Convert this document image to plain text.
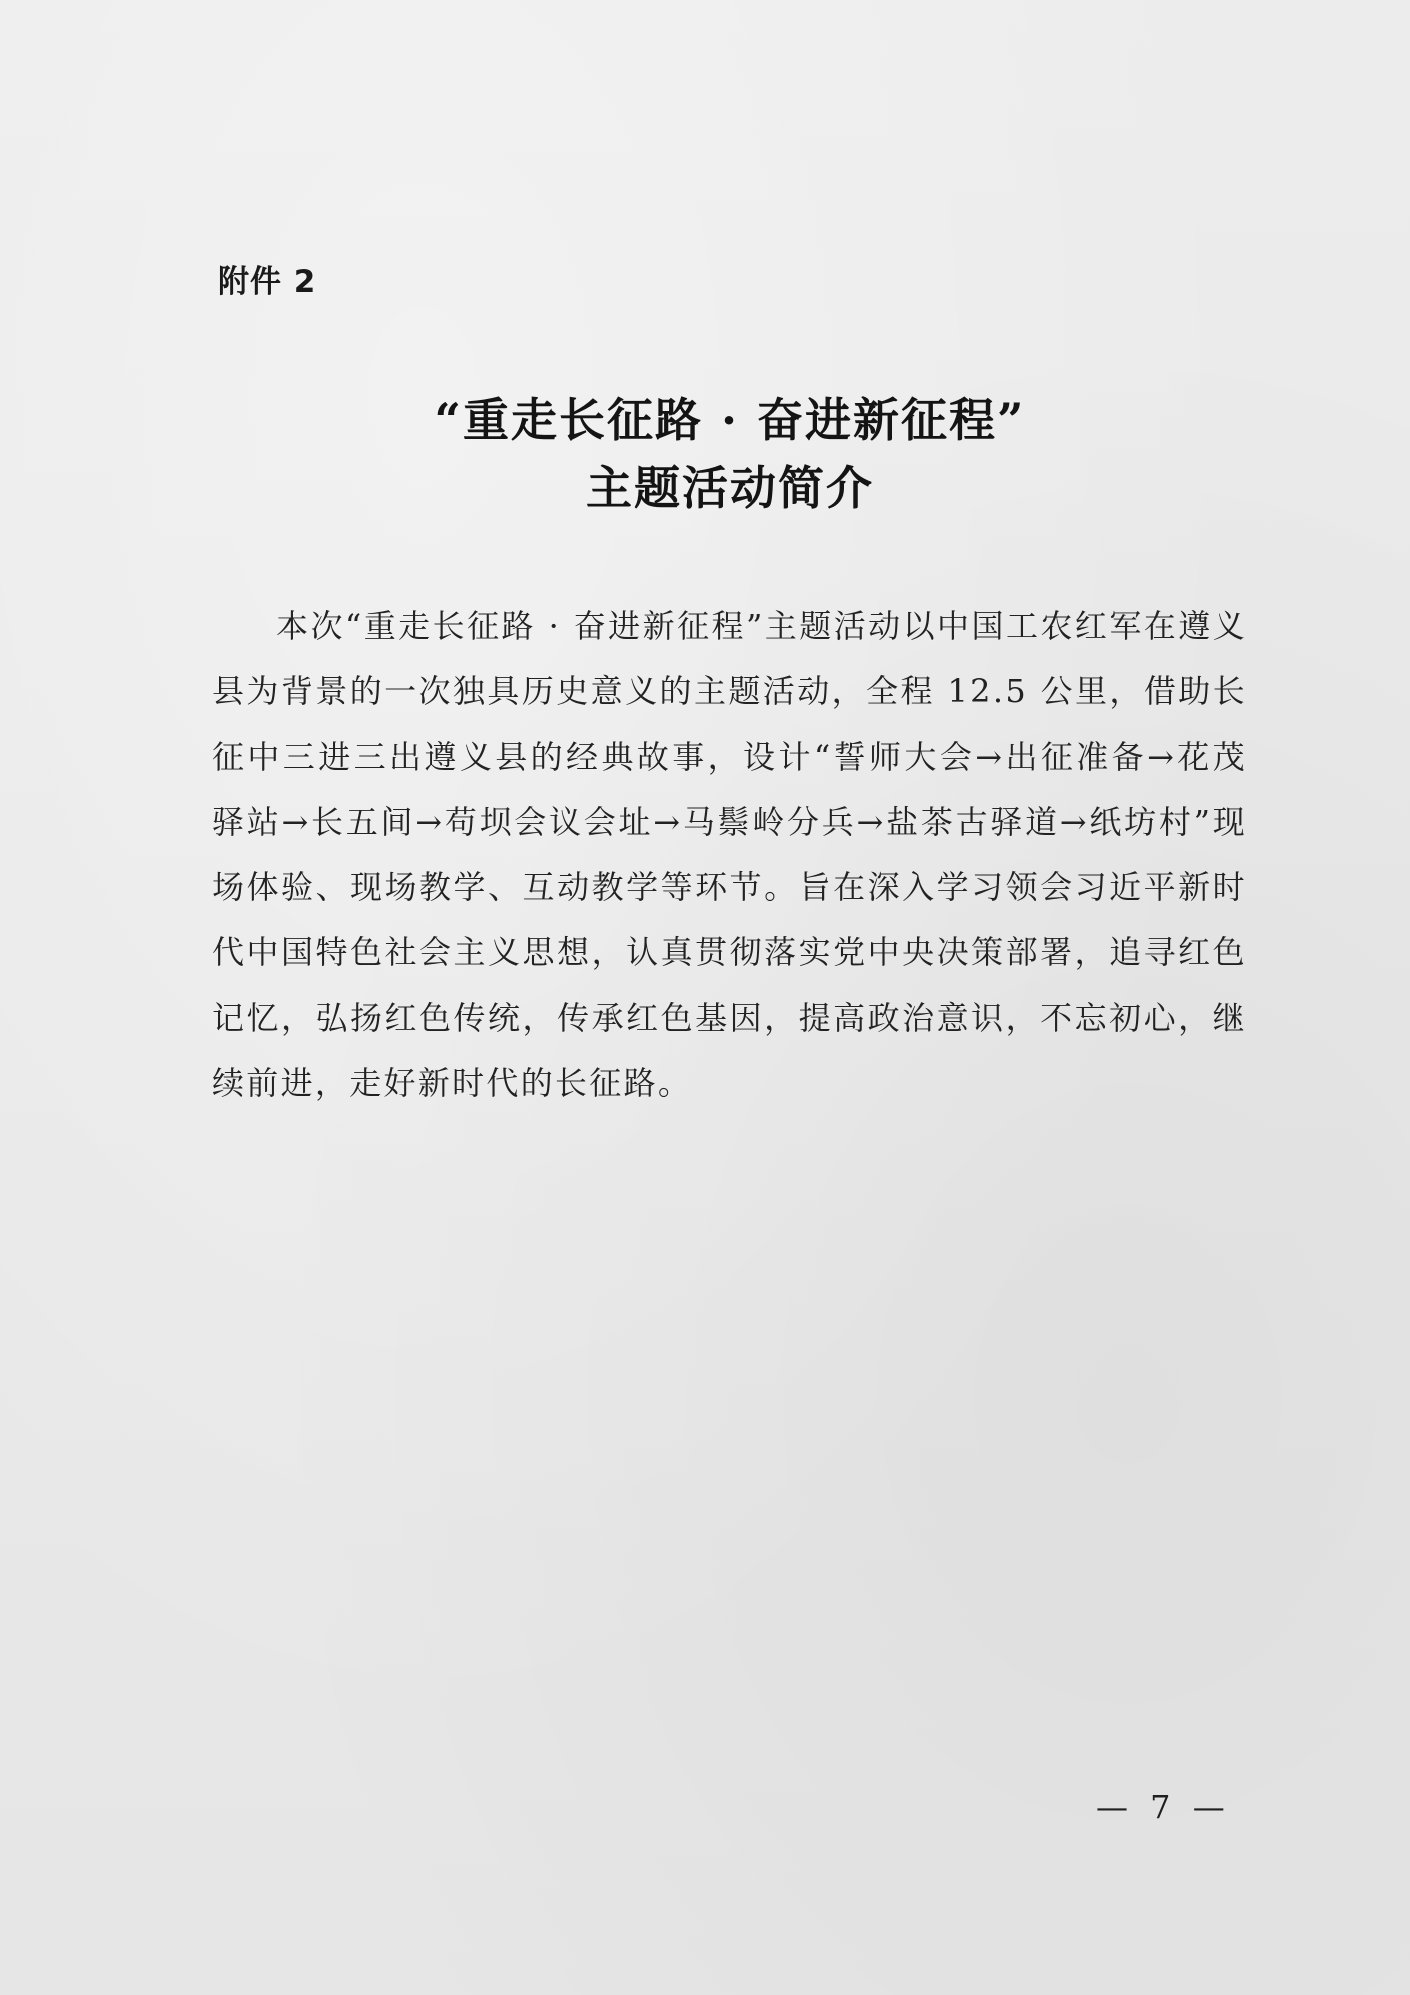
附件 2
“重走长征路 · 奋进新征程”
主题活动简介

本次“重走长征路 · 奋进新征程”主题活动以中国工农红军在遵义县为背景的一次独具历史意义的主题活动，全程 12.5 公里，借助长征中三进三出遵义县的经典故事，设计“誓师大会→出征准备→花茂驿站→长五间→苟坝会议会址→马鬃岭分兵→盐茶古驿道→纸坊村”现场体验、现场教学、互动教学等环节。旨在深入学习领会习近平新时代中国特色社会主义思想，认真贯彻落实党中央决策部署，追寻红色记忆，弘扬红色传统，传承红色基因，提高政治意识，不忘初心，继续前进，走好新时代的长征路。

— 7 —
